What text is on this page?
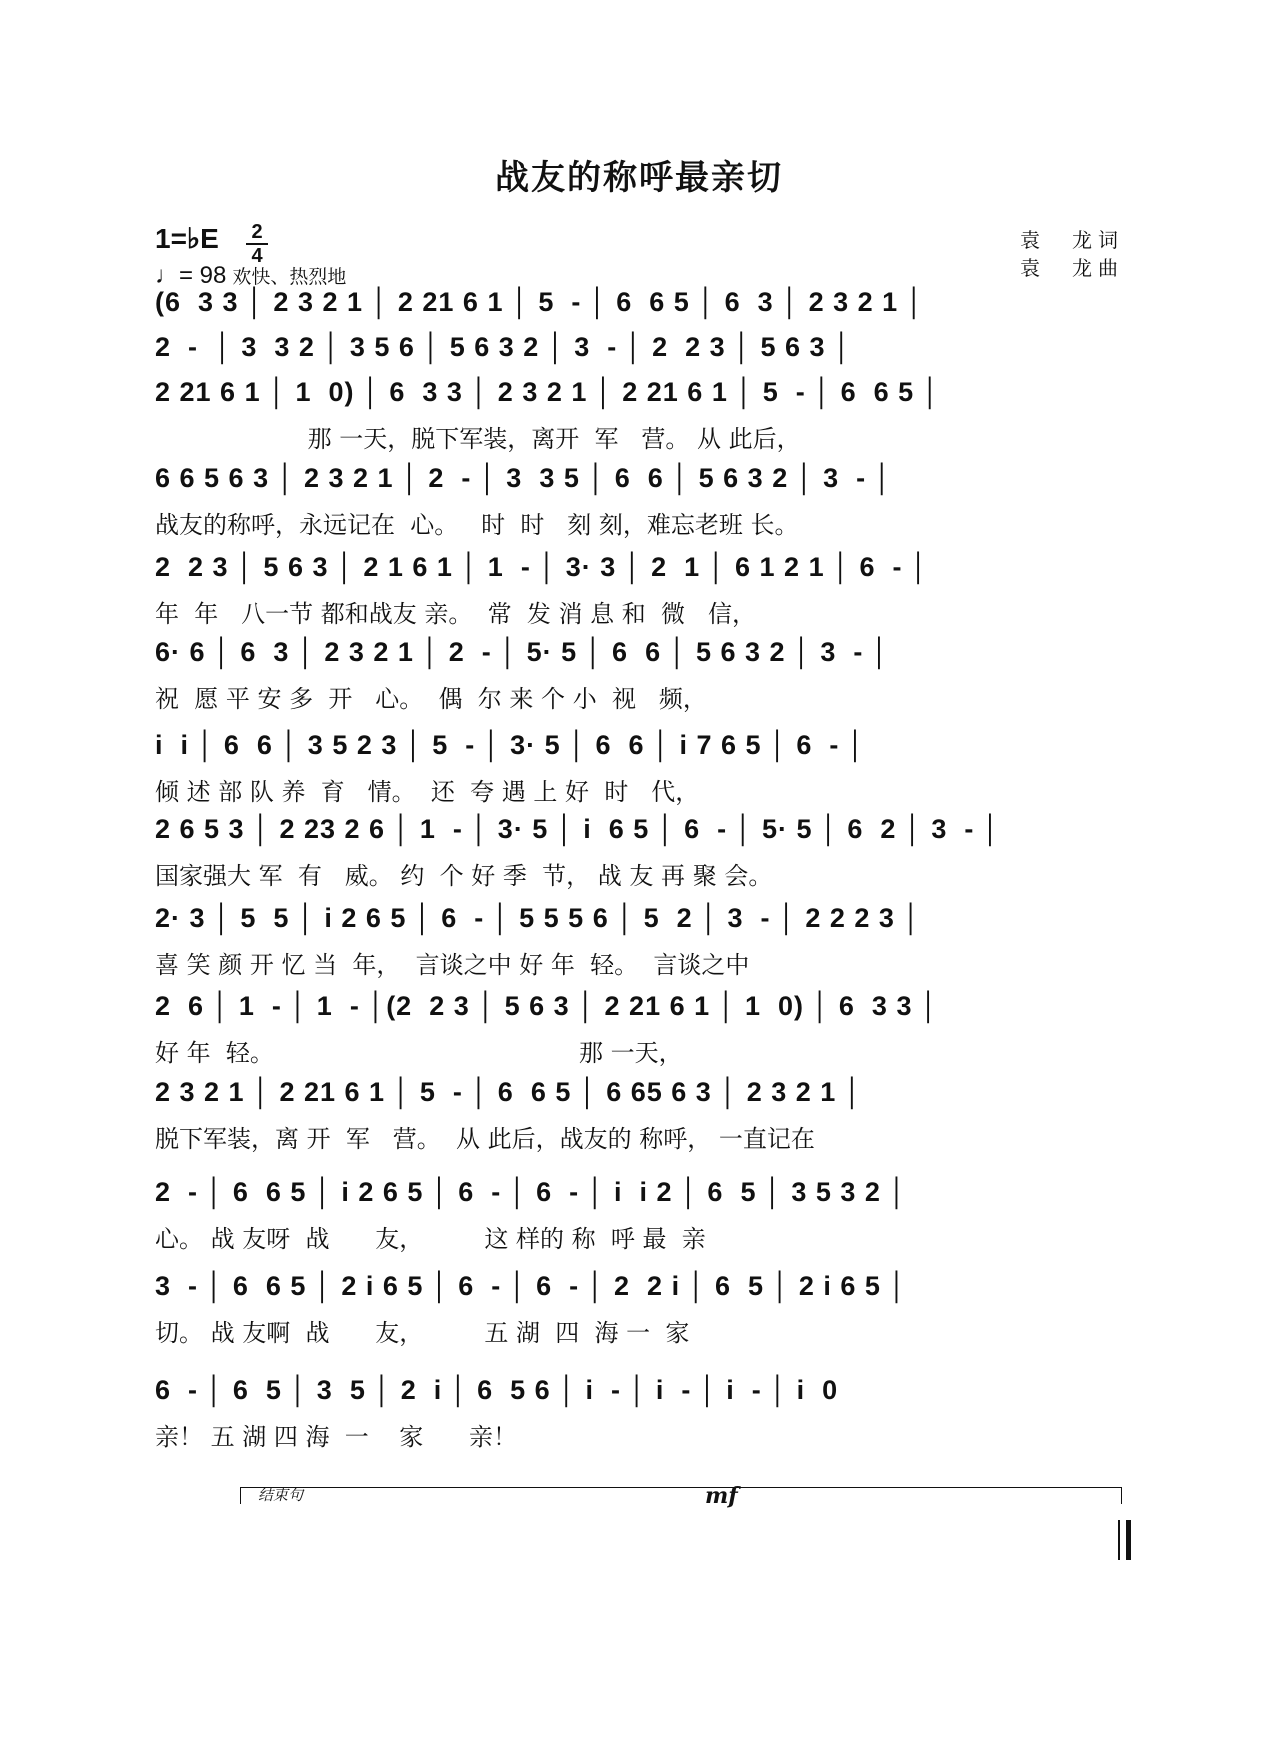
战友的称呼最亲切
1=♭E 2
4
♩= 98 欢快、热烈地
袁　龙词
袁　龙曲
(6  3 3 │ 2 3 2 1 │ 2 21 6 1 │ 5  - │ 6  6 5 │ 6  3 │ 2 3 2 1 │
2  -  │ 3  3 2 │ 3 5 6 │ 5 6 3 2 │ 3  - │ 2  2 3 │ 5 6 3 │
2 21 6 1 │ 1  0) │ 6  3 3 │ 2 3 2 1 │ 2 21 6 1 │ 5  - │ 6  6 5 │
那 一天，脱下军装，离开  军   营。 从 此后，
6 6 5 6 3 │ 2 3 2 1 │ 2  - │ 3  3 5 │ 6  6 │ 5 6 3 2 │ 3  - │
战友的称呼，永远记在  心。   时  时   刻 刻，难忘老班 长。
2  2 3 │ 5 6 3 │ 2 1 6 1 │ 1  - │ 3· 3 │ 2  1 │ 6 1 2 1 │ 6  - │
年  年   八一节 都和战友 亲。  常  发 消 息 和  微   信，
6· 6 │ 6  3 │ 2 3 2 1 │ 2  - │ 5· 5 │ 6  6 │ 5 6 3 2 │ 3  - │
祝  愿 平 安 多  开   心。  偶  尔 来 个 小  视   频，
i  i │ 6  6 │ 3 5 2 3 │ 5  - │ 3· 5 │ 6  6 │ i 7 6 5 │ 6  - │
倾 述 部 队 养  育   情。  还  夸 遇 上 好  时   代，
2 6 5 3 │ 2 23 2 6 │ 1  - │ 3· 5 │ i  6 5 │ 6  - │ 5· 5 │ 6  2 │ 3  - │
国家强大 军  有   威。 约  个 好 季  节， 战 友 再 聚 会。
2· 3 │ 5  5 │ i 2 6 5 │ 6  - │ 5 5 5 6 │ 5  2 │ 3  - │ 2 2 2 3 │
喜 笑 颜 开 忆 当  年，  言谈之中 好 年  轻。  言谈之中
2  6 │ 1  - │ 1  - │(2  2 3 │ 5 6 3 │ 2 21 6 1 │ 1  0) │ 6  3 3 │
好 年  轻。                                        那 一天，
2 3 2 1 │ 2 21 6 1 │ 5  - │ 6  6 5 │ 6 65 6 3 │ 2 3 2 1 │
脱下军装，离 开  军   营。  从 此后，战友的 称呼， 一直记在
2  - │ 6  6 5 │ i 2 6 5 │ 6  - │ 6  - │ i  i 2 │ 6  5 │ 3 5 3 2 │
心。 战 友呀  战      友，        这 样的 称  呼 最  亲
3  - │ 6  6 5 │ 2 i 6 5 │ 6  - │ 6  - │ 2  2 i │ 6  5 │ 2 i 6 5 │
切。 战 友啊  战      友，        五 湖  四  海 一  家
6  - │ 6  5 │ 3  5 │ 2  i │ 6  5 6 │ i  - │ i  - │ i  - │ i  0
亲！ 五 湖 四 海  一    家      亲！
结束句	mf
